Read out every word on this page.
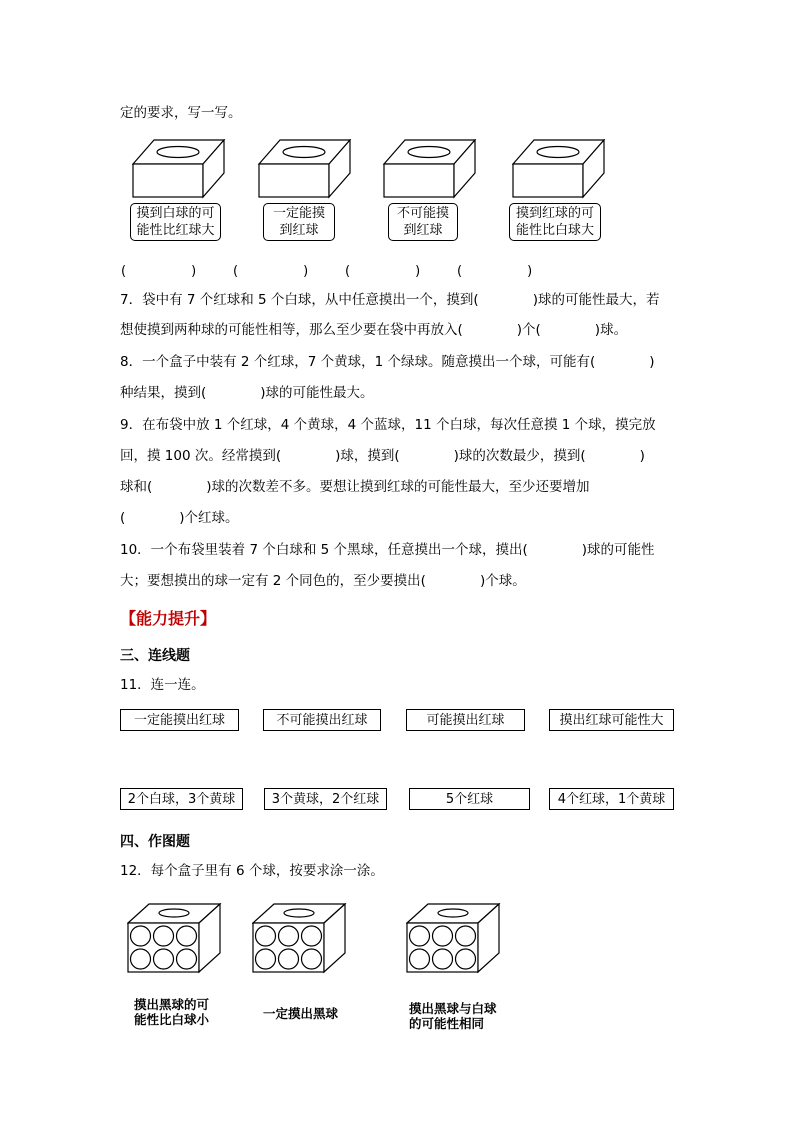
定的要求，写一写。
摸到白球的可
能性比红球大
一定能摸
到红球
不可能摸
到红球
摸到红球的可
能性比白球大
(　　　　　)	(　　　　　)	(　　　　　)	(　　　　　)
7．袋中有 7 个红球和 5 个白球，从中任意摸出一个，摸到(　　　　)球的可能性最大，若
想使摸到两种球的可能性相等，那么至少要在袋中再放入(　　　　)个(　　　　)球。
8．一个盒子中装有 2 个红球，7 个黄球，1 个绿球。随意摸出一个球，可能有(　　　　)
种结果，摸到(　　　　)球的可能性最大。
9．在布袋中放 1 个红球，4 个黄球，4 个蓝球，11 个白球，每次任意摸 1 个球，摸完放
回，摸 100 次。经常摸到(　　　　)球，摸到(　　　　)球的次数最少，摸到(　　　　)
球和(　　　　)球的次数差不多。要想让摸到红球的可能性最大，至少还要增加
(　　　　)个红球。
10．一个布袋里装着 7 个白球和 5 个黑球，任意摸出一个球，摸出(　　　　)球的可能性
大；要想摸出的球一定有 2 个同色的，至少要摸出(　　　　)个球。
【能力提升】
三、连线题
11．连一连。
一定能摸出红球	不可能摸出红球	可能摸出红球	摸出红球可能性大
2个白球，3个黄球	3个黄球，2个红球	5个红球	4个红球，1个黄球
四、作图题
12．每个盒子里有 6 个球，按要求涂一涂。

摸出黑球的可
能性比白球小

	一定摸出黑球

	摸出黑球与白球
的可能性相同
